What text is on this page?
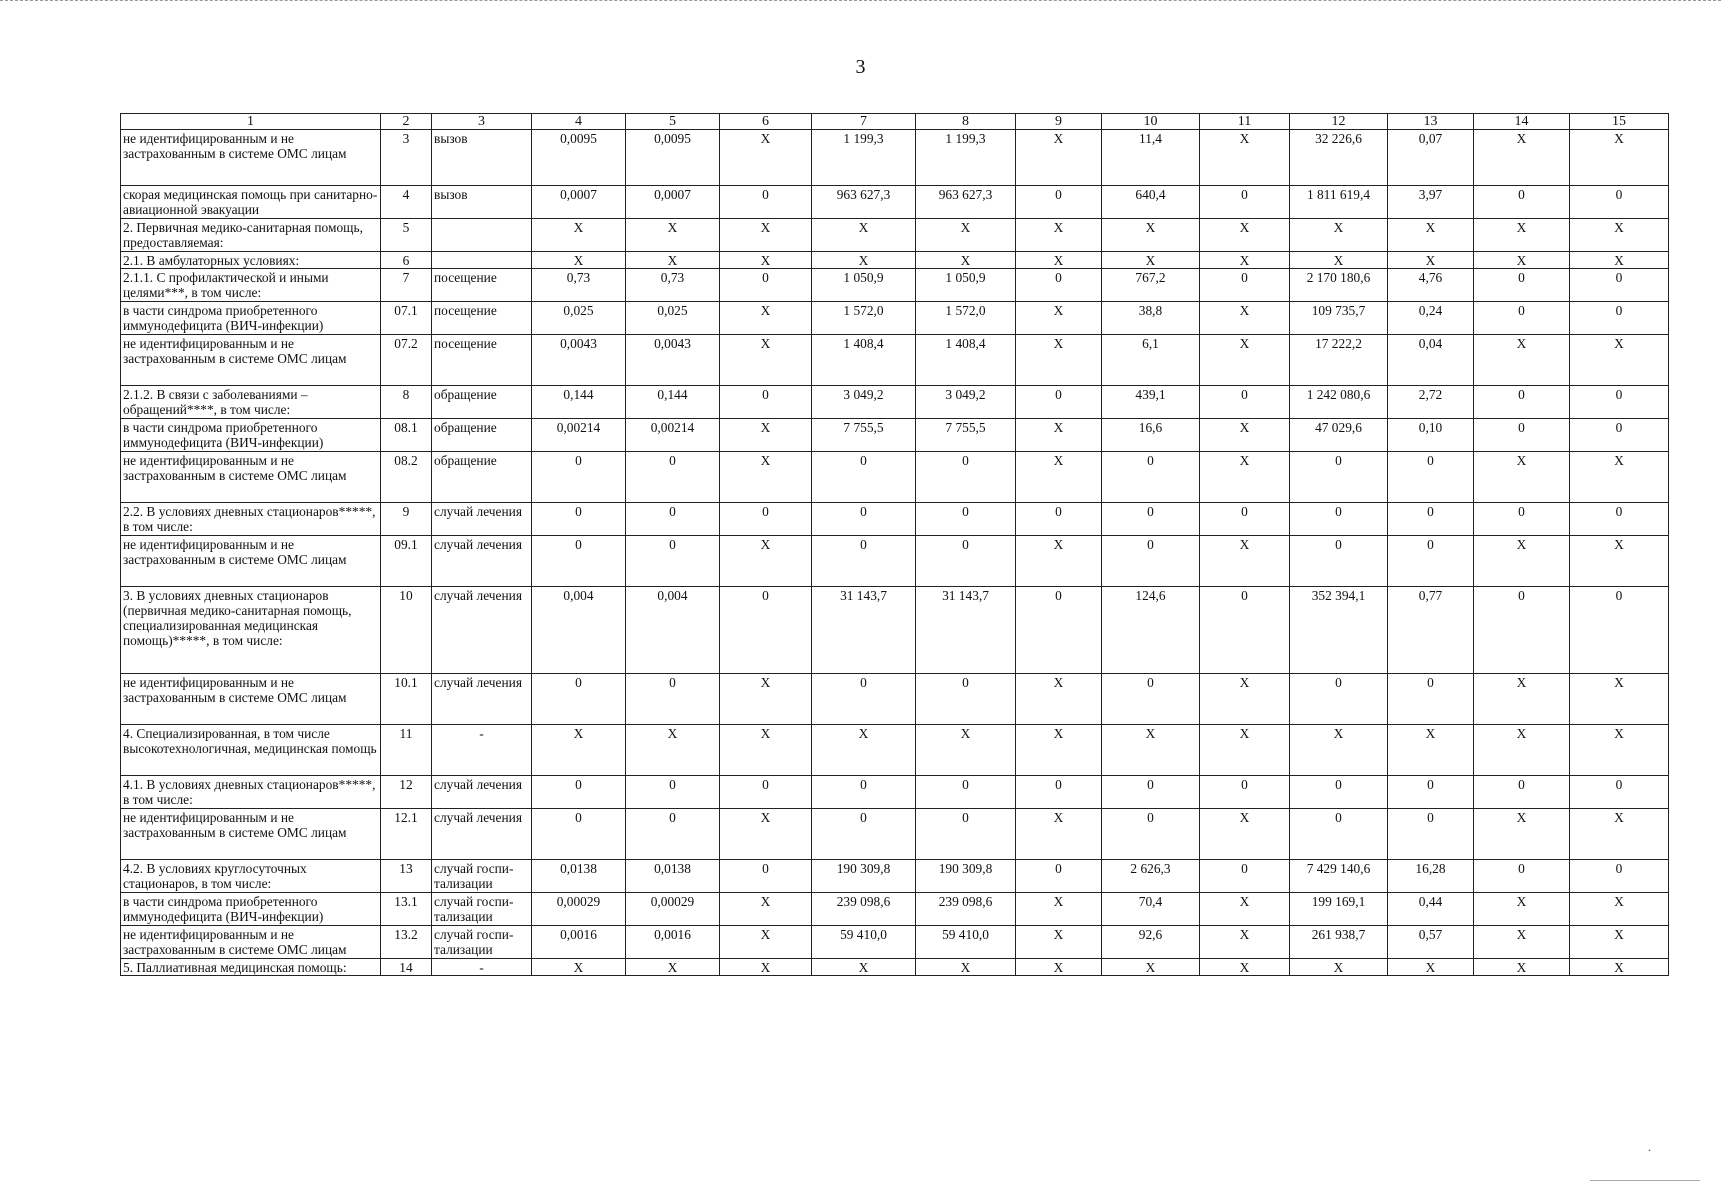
3
1	2	3	4	5	6	7	8	9	10	11	12	13	14	15
не идентифицированным и не застрахованным в системе ОМС лицам	3	вызов	0,0095	0,0095	Х	1 199,3	1 199,3	Х	11,4	Х	32 226,6	0,07	Х	Х
скорая медицинская помощь при санитарно-авиационной эвакуации	4	вызов	0,0007	0,0007	0	963 627,3	963 627,3	0	640,4	0	1 811 619,4	3,97	0	0
2. Первичная медико-санитарная помощь, предоставляемая:	5		Х	Х	Х	Х	Х	Х	Х	Х	Х	Х	Х	Х
2.1. В амбулаторных условиях:	6		Х	Х	Х	Х	Х	Х	Х	Х	Х	Х	Х	Х
2.1.1. С профилактической и иными целями***, в том числе:	7	посещение	0,73	0,73	0	1 050,9	1 050,9	0	767,2	0	2 170 180,6	4,76	0	0
в части синдрома приобретенного иммунодефицита (ВИЧ-инфекции)	07.1	посещение	0,025	0,025	Х	1 572,0	1 572,0	Х	38,8	Х	109 735,7	0,24	0	0
не идентифицированным и не застрахованным в системе ОМС лицам	07.2	посещение	0,0043	0,0043	Х	1 408,4	1 408,4	Х	6,1	Х	17 222,2	0,04	Х	Х
2.1.2. В связи с заболеваниями – обращений****, в том числе:	8	обращение	0,144	0,144	0	3 049,2	3 049,2	0	439,1	0	1 242 080,6	2,72	0	0
в части синдрома приобретенного иммунодефицита (ВИЧ-инфекции)	08.1	обращение	0,00214	0,00214	Х	7 755,5	7 755,5	Х	16,6	Х	47 029,6	0,10	0	0
не идентифицированным и не застрахованным в системе ОМС лицам	08.2	обращение	0	0	Х	0	0	Х	0	Х	0	0	Х	Х
2.2. В условиях дневных стационаров*****, в том числе:	9	случай лечения	0	0	0	0	0	0	0	0	0	0	0	0
не идентифицированным и не застрахованным в системе ОМС лицам	09.1	случай лечения	0	0	Х	0	0	Х	0	Х	0	0	Х	Х
3. В условиях дневных стационаров (первичная медико-санитарная помощь, специализированная медицинская помощь)*****, в том числе:	10	случай лечения	0,004	0,004	0	31 143,7	31 143,7	0	124,6	0	352 394,1	0,77	0	0
не идентифицированным и не застрахованным в системе ОМС лицам	10.1	случай лечения	0	0	Х	0	0	Х	0	Х	0	0	Х	Х
4. Специализированная, в том числе высокотехнологичная, медицинская помощь	11	-	Х	Х	Х	Х	Х	Х	Х	Х	Х	Х	Х	Х
4.1. В условиях дневных стационаров*****, в том числе:	12	случай лечения	0	0	0	0	0	0	0	0	0	0	0	0
не идентифицированным и не застрахованным в системе ОМС лицам	12.1	случай лечения	0	0	Х	0	0	Х	0	Х	0	0	Х	Х
4.2. В условиях круглосуточных стационаров, в том числе:	13	случай госпи-тализации	0,0138	0,0138	0	190 309,8	190 309,8	0	2 626,3	0	7 429 140,6	16,28	0	0
в части синдрома приобретенного иммунодефицита (ВИЧ-инфекции)	13.1	случай госпи-тализации	0,00029	0,00029	Х	239 098,6	239 098,6	Х	70,4	Х	199 169,1	0,44	Х	Х
не идентифицированным и не застрахованным в системе ОМС лицам	13.2	случай госпи-тализации	0,0016	0,0016	Х	59 410,0	59 410,0	Х	92,6	Х	261 938,7	0,57	Х	Х
5. Паллиативная медицинская помощь:	14	-	Х	Х	Х	Х	Х	Х	Х	Х	Х	Х	Х	Х
.
